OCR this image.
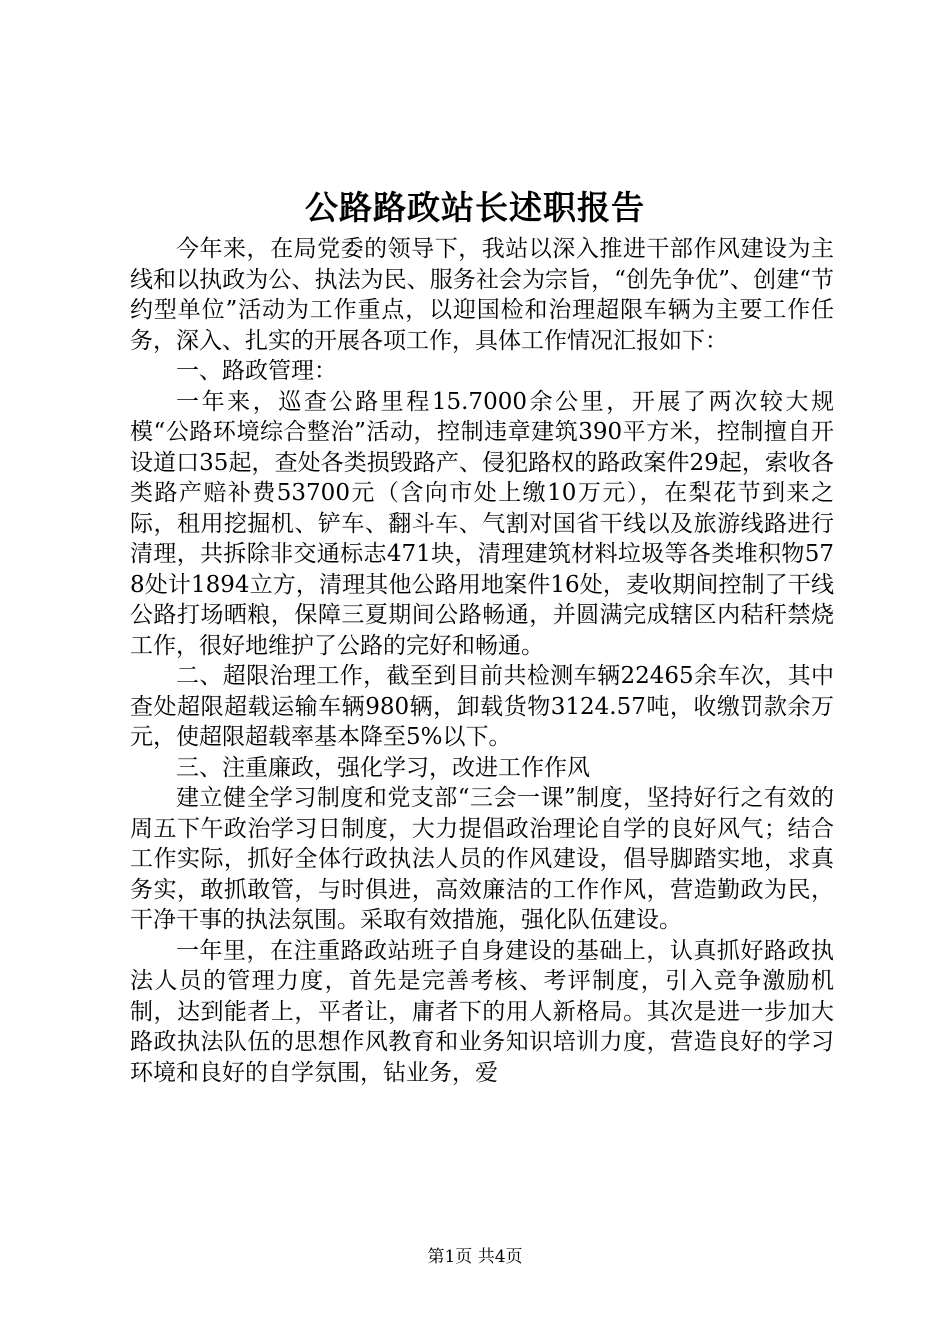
公路路政站长述职报告

今年来，在局党委的领导下，我站以深入推进干部作风建设为主线和以执政为公、执法为民、服务社会为宗旨，“创先争优”、创建“节约型单位”活动为工作重点，以迎国检和治理超限车辆为主要工作任务，深入、扎实的开展各项工作，具体工作情况汇报如下：

一、路政管理：

一年来，巡查公路里程15.7000余公里，开展了两次较大规模“公路环境综合整治”活动，控制违章建筑390平方米，控制擅自开设道口35起，查处各类损毁路产、侵犯路权的路政案件29起，索收各类路产赔补费53700元（含向市处上缴10万元），在梨花节到来之际，租用挖掘机、铲车、翻斗车、气割对国省干线以及旅游线路进行清理，共拆除非交通标志471块，清理建筑材料垃圾等各类堆积物578处计1894立方，清理其他公路用地案件16处，麦收期间控制了干线公路打场晒粮，保障三夏期间公路畅通，并圆满完成辖区内秸秆禁烧工作，很好地维护了公路的完好和畅通。

二、超限治理工作，截至到目前共检测车辆22465余车次，其中查处超限超载运输车辆980辆，卸载货物3124.57吨，收缴罚款余万元，使超限超载率基本降至5%以下。

三、注重廉政，强化学习，改进工作作风

建立健全学习制度和党支部“三会一课”制度，坚持好行之有效的周五下午政治学习日制度，大力提倡政治理论自学的良好风气；结合工作实际，抓好全体行政执法人员的作风建设，倡导脚踏实地，求真务实，敢抓敢管，与时俱进，高效廉洁的工作作风，营造勤政为民，干净干事的执法氛围。采取有效措施，强化队伍建设。

一年里，在注重路政站班子自身建设的基础上，认真抓好路政执法人员的管理力度，首先是完善考核、考评制度，引入竞争激励机制，达到能者上，平者让，庸者下的用人新格局。其次是进一步加大路政执法队伍的思想作风教育和业务知识培训力度，营造良好的学习环境和良好的自学氛围，钻业务，爱

第1页 共4页
